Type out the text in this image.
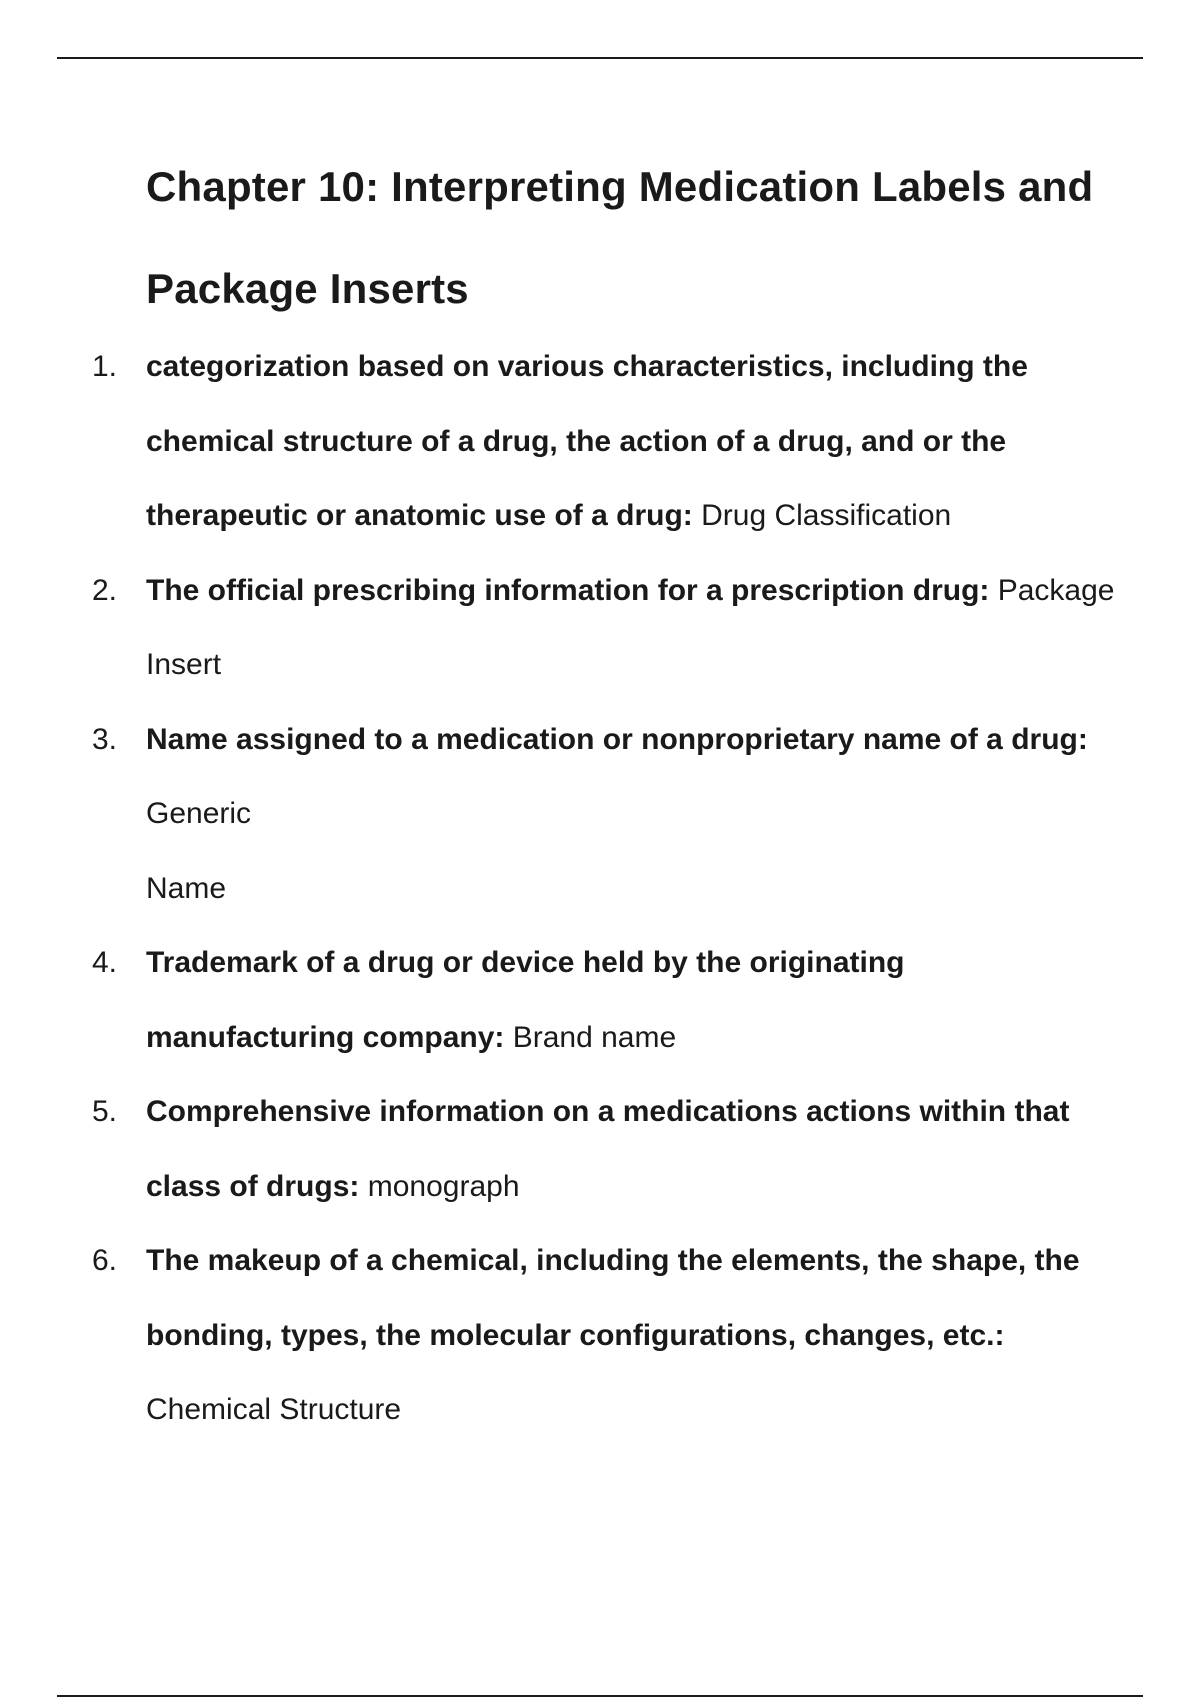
Chapter 10: Interpreting Medication Labels and Package Inserts
1. categorization based on various characteristics, including the chemical structure of a drug, the action of a drug, and or the therapeutic or anatomic use of a drug: Drug Classification
2. The official prescribing information for a prescription drug: Package Insert
3. Name assigned to a medication or nonproprietary name of a drug: Generic
Name
4. Trademark of a drug or device held by the originating manufacturing company: Brand name
5. Comprehensive information on a medications actions within that class of drugs: monograph
6. The makeup of a chemical, including the elements, the shape, the bonding, types, the molecular configurations, changes, etc.: Chemical Structure
